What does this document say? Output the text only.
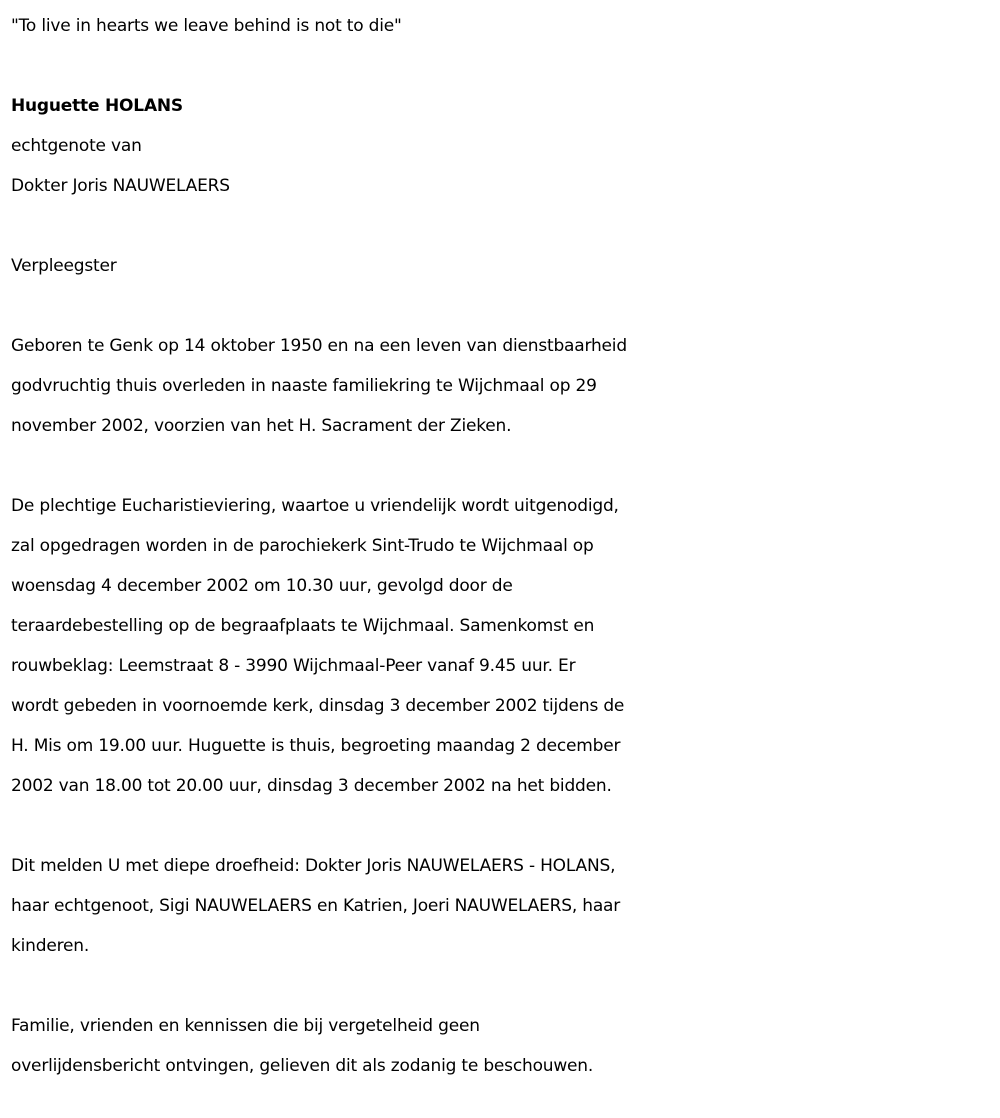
"To live in hearts we leave behind is not to die"

Huguette HOLANS

echtgenote van

Dokter Joris NAUWELAERS

Verpleegster

Geboren te Genk op 14 oktober 1950 en na een leven van dienstbaarheid

godvruchtig thuis overleden in naaste familiekring te Wijchmaal op 29

november 2002, voorzien van het H. Sacrament der Zieken.

De plechtige Eucharistieviering, waartoe u vriendelijk wordt uitgenodigd,

zal opgedragen worden in de parochiekerk Sint-Trudo te Wijchmaal op

woensdag 4 december 2002 om 10.30 uur, gevolgd door de

teraardebestelling op de begraafplaats te Wijchmaal. Samenkomst en

rouwbeklag: Leemstraat 8 - 3990 Wijchmaal-Peer vanaf 9.45 uur. Er

wordt gebeden in voornoemde kerk, dinsdag 3 december 2002 tijdens de

H. Mis om 19.00 uur. Huguette is thuis, begroeting maandag 2 december

2002 van 18.00 tot 20.00 uur, dinsdag 3 december 2002 na het bidden.

Dit melden U met diepe droefheid: Dokter Joris NAUWELAERS - HOLANS,

haar echtgenoot, Sigi NAUWELAERS en Katrien, Joeri NAUWELAERS, haar

kinderen.

Familie, vrienden en kennissen die bij vergetelheid geen

overlijdensbericht ontvingen, gelieven dit als zodanig te beschouwen.
